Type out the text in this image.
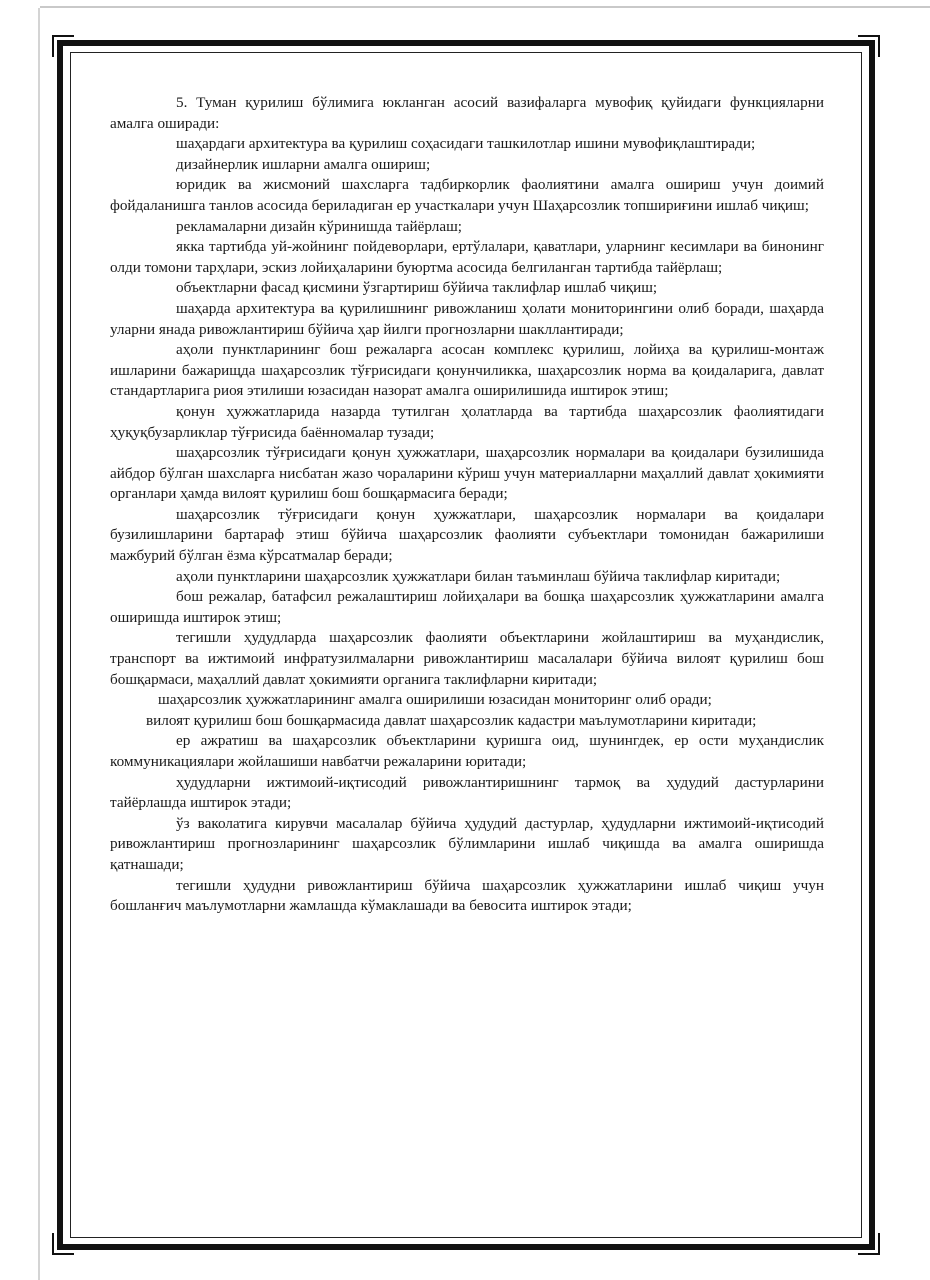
5. Туман қурилиш бўлимига юкланган асосий вазифаларга мувофиқ қуйидаги функцияларни амалга оширади:

шаҳардаги архитектура ва қурилиш соҳасидаги ташкилотлар ишини мувофиқлаштиради;

дизайнерлик ишларни амалга ошириш;

юридик ва жисмоний шахсларга тадбиркорлик фаолиятини амалга ошириш учун доимий фойдаланишга танлов асосида бериладиган ер участкалари учун Шаҳарсозлик топшириғини ишлаб чиқиш;

рекламаларни дизайн кўринишда тайёрлаш;

якка тартибда уй-жойнинг пойдеворлари, ертўлалари, қаватлари, уларнинг кесимлари ва бинонинг олди томони тарҳлари, эскиз лойиҳаларини буюртма асосида белгиланган тартибда тайёрлаш;

объектларни фасад қисмини ўзгартириш бўйича таклифлар ишлаб чиқиш;

шаҳарда архитектура ва қурилишнинг ривожланиш ҳолати мониторингини олиб боради, шаҳарда уларни янада ривожлантириш бўйича ҳар йилги прогнозларни шакллантиради;

аҳоли пунктларининг бош режаларга асосан комплекс қурилиш, лойиҳа ва қурилиш-монтаж ишларини бажарищда шаҳарсозлик тўғрисидаги қонунчиликка, шаҳарсозлик норма ва қоидаларига, давлат стандартларига риоя этилиши юзасидан назорат амалга оширилишида иштирок этиш;

қонун ҳужжатларида назарда тутилган ҳолатларда ва тартибда шаҳарсозлик фаолиятидаги ҳуқуқбузарликлар тўғрисида баённомалар тузади;

шаҳарсозлик тўғрисидаги қонун ҳужжатлари, шаҳарсозлик нормалари ва қоидалари бузилишида айбдор бўлган шахсларга нисбатан жазо чораларини кўриш учун материалларни маҳаллий давлат ҳокимияти органлари ҳамда вилоят қурилиш бош бошқармасига беради;

шаҳарсозлик тўғрисидаги қонун ҳужжатлари, шаҳарсозлик нормалари ва қоидалари бузилишларини бартараф этиш бўйича шаҳарсозлик фаолияти субъектлари томонидан бажарилиши мажбурий бўлган ёзма кўрсатмалар беради;

аҳоли пунктларини шаҳарсозлик ҳужжатлари билан таъминлаш бўйича таклифлар киритади;

бош режалар, батафсил режалаштириш лойиҳалари ва бошқа шаҳарсозлик ҳужжатларини амалга оширишда иштирок этиш;

тегишли ҳудудларда шаҳарсозлик фаолияти объектларини жойлаштириш ва муҳандислик, транспорт ва ижтимоий инфратузилмаларни ривожлантириш масалалари бўйича вилоят қурилиш бош бошқармаси, маҳаллий давлат ҳокимияти органига таклифларни киритади;

шаҳарсозлик ҳужжатларининг амалга оширилиши юзасидан мониторинг олиб оради;

вилоят қурилиш бош бошқармасида давлат шаҳарсозлик кадастри маълумотларини киритади;

ер ажратиш ва шаҳарсозлик объектларини қуришга оид, шунингдек, ер ости муҳандислик коммуникациялари жойлашиши навбатчи режаларини юритади;

ҳудудларни ижтимоий-иқтисодий ривожлантиришнинг тармоқ ва ҳудудий дастурларини тайёрлашда иштирок этади;

ўз ваколатига кирувчи масалалар бўйича ҳудудий дастурлар, ҳудудларни ижтимоий-иқтисодий ривожлантириш прогнозларининг шаҳарсозлик бўлимларини ишлаб чиқишда ва амалга оширишда қатнашади;

тегишли ҳудудни ривожлантириш бўйича шаҳарсозлик ҳужжатларини ишлаб чиқиш учун бошланғич маълумотларни жамлашда кўмаклашади ва бевосита иштирок этади;
